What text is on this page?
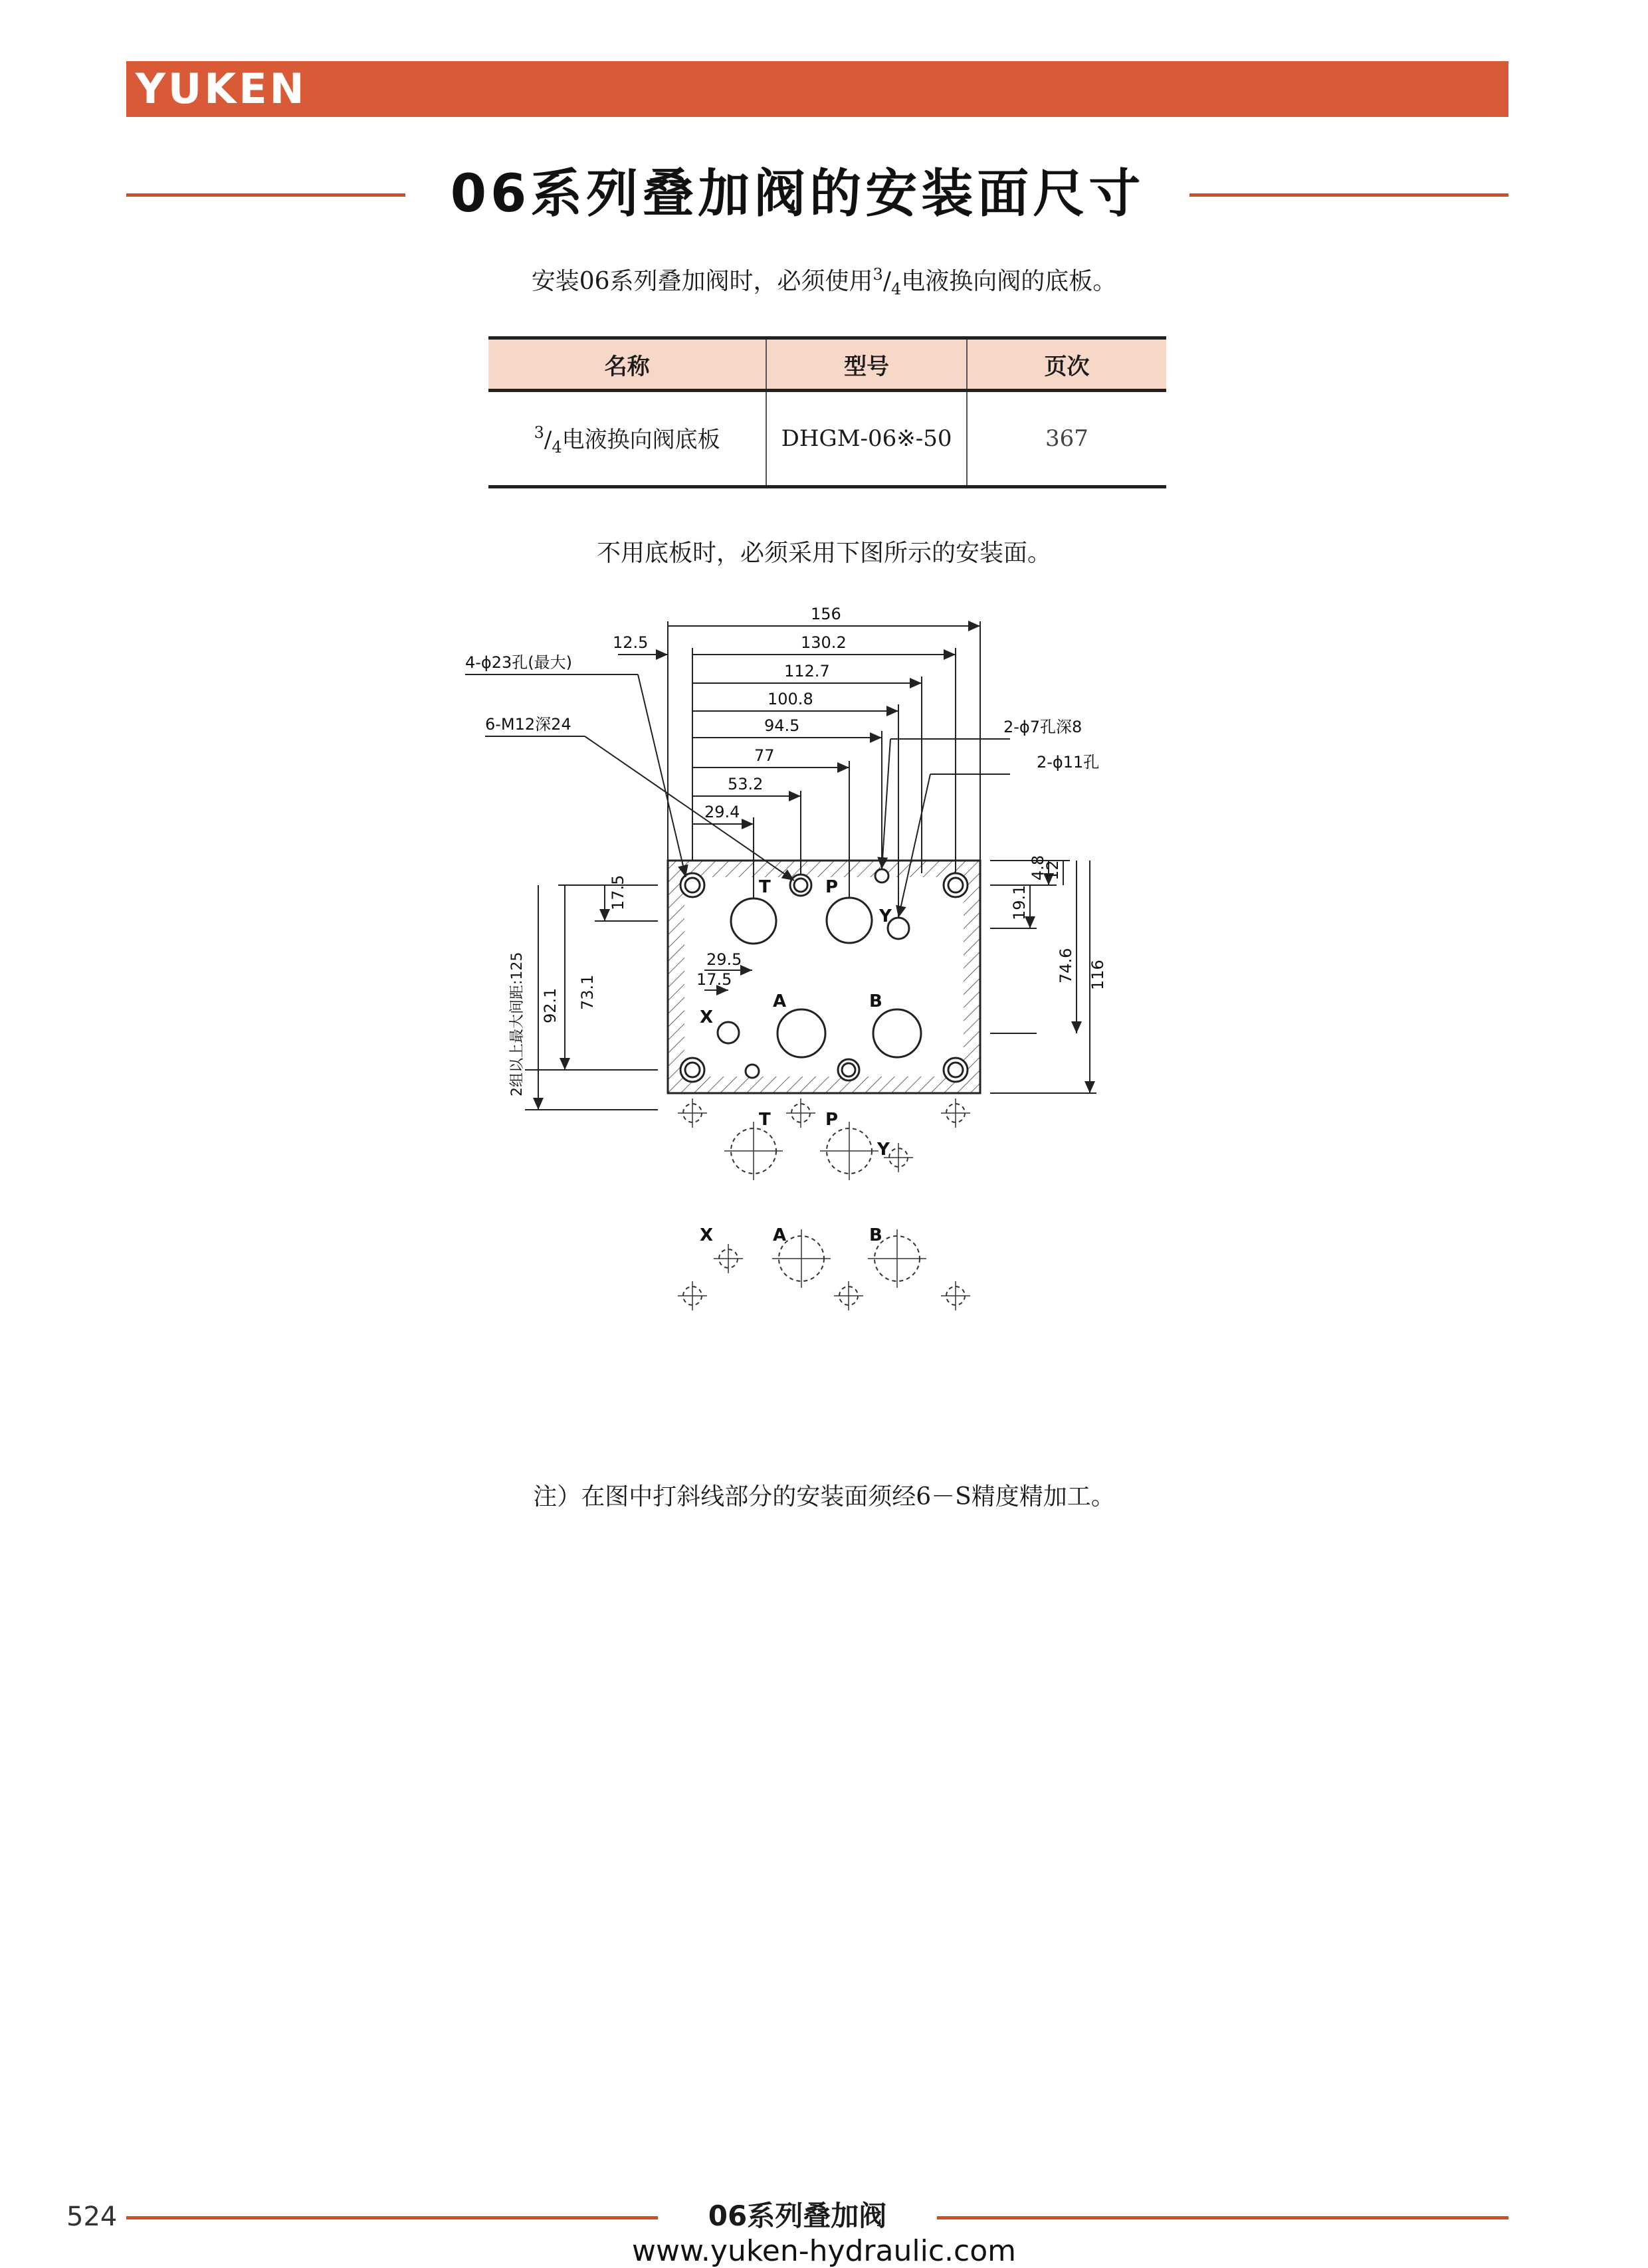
YUKEN
06系列叠加阀的安装面尺寸
安装06系列叠加阀时，必须使用$^3/_4$电液换向阀的底板。
名称	型号	页次
$^3/_4$电液换向阀底板	DHGM-06※-50	367
不用底板时，必须采用下图所示的安装面。
T	P
Y
X
A	B
156
130.2
112.7
100.8
94.5
77
53.2
29.4
12.5
4-ϕ23孔(最大)
6-M12深24	2-ϕ7孔深8
2-ϕ11孔
29.5
17.5
17.5
73.1
92.1
2组以上最大间距:125
4.8
12
19.1
74.6 116
T	P
Y
X	A	B
注）在图中打斜线部分的安装面须经6－S精度精加工。
524	06系列叠加阀
www.yuken-hydraulic.com
